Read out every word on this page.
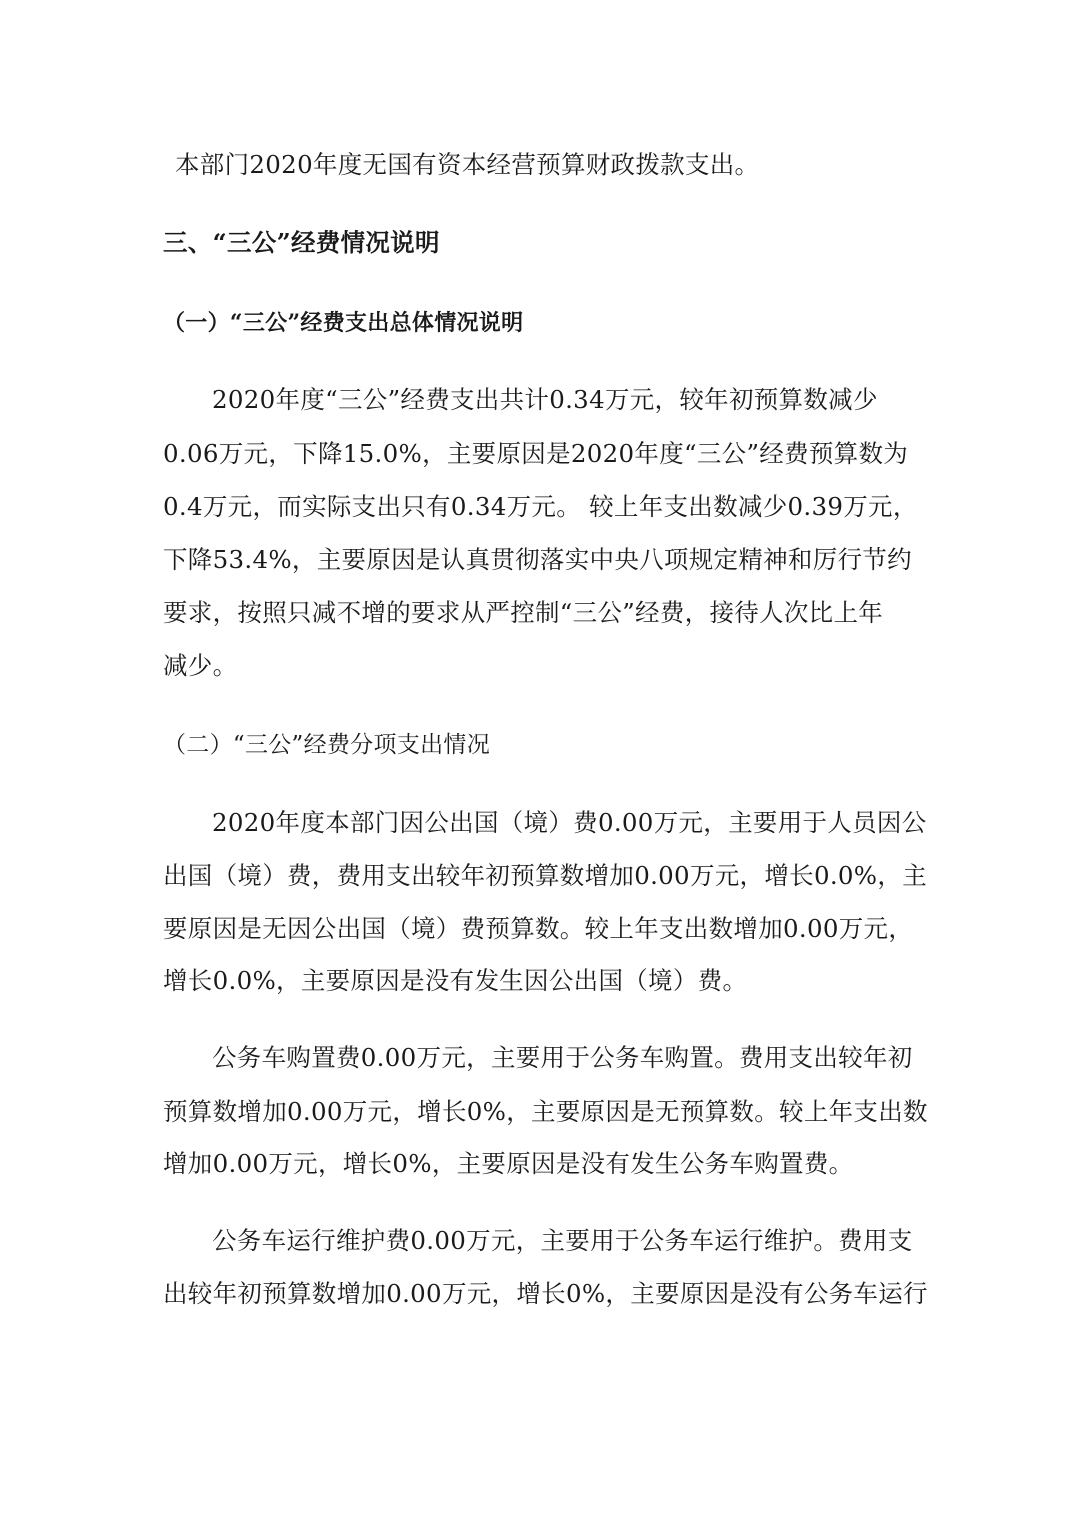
本部门2020年度无国有资本经营预算财政拨款支出。

三、“三公”经费情况说明

（一）“三公”经费支出总体情况说明

2020年度“三公”经费支出共计0.34万元，较年初预算数减少

0.06万元，下降15.0%，主要原因是2020年度“三公”经费预算数为

0.4万元，而实际支出只有0.34万元。 较上年支出数减少0.39万元，

下降53.4%，主要原因是认真贯彻落实中央八项规定精神和厉行节约

要求，按照只减不增的要求从严控制“三公”经费，接待人次比上年

减少。

（二）“三公”经费分项支出情况

2020年度本部门因公出国（境）费0.00万元，主要用于人员因公

出国（境）费，费用支出较年初预算数增加0.00万元，增长0.0%，主

要原因是无因公出国（境）费预算数。较上年支出数增加0.00万元，

增长0.0%，主要原因是没有发生因公出国（境）费。

公务车购置费0.00万元，主要用于公务车购置。费用支出较年初

预算数增加0.00万元，增长0%，主要原因是无预算数。较上年支出数

增加0.00万元，增长0%，主要原因是没有发生公务车购置费。

公务车运行维护费0.00万元，主要用于公务车运行维护。费用支

出较年初预算数增加0.00万元，增长0%，主要原因是没有公务车运行
